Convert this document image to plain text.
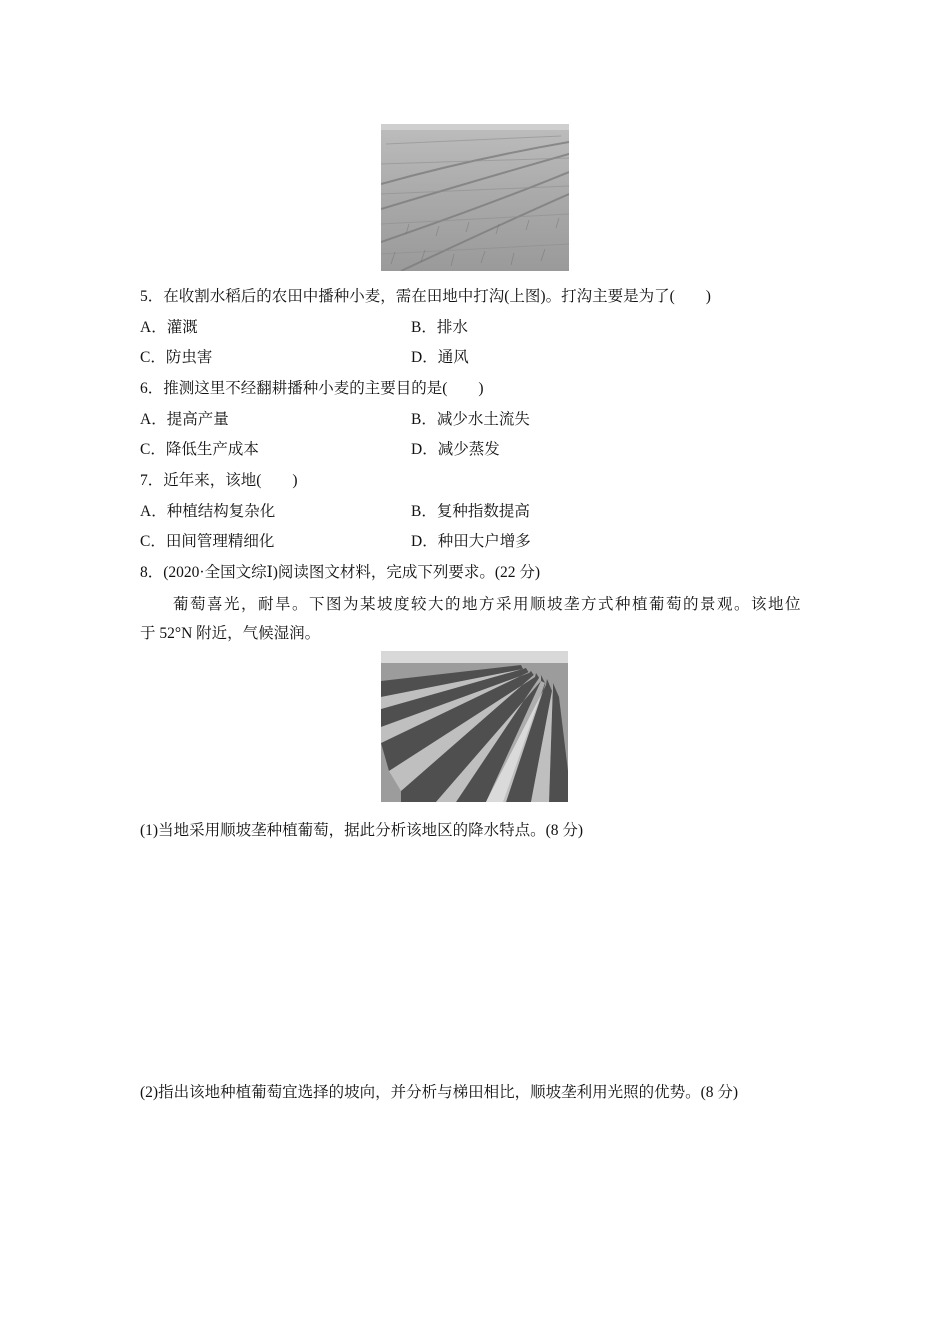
5．在收割水稻后的农田中播种小麦，需在田地中打沟(上图)。打沟主要是为了(　　)
A．灌溉	B．排水
C．防虫害	D．通风
6．推测这里不经翻耕播种小麦的主要目的是(　　)
A．提高产量	B．减少水土流失
C．降低生产成本	D．减少蒸发
7．近年来，该地(　　)
A．种植结构复杂化	B．复种指数提高
C．田间管理精细化	D．种田大户增多
8．(2020·全国文综Ⅰ)阅读图文材料，完成下列要求。(22 分)
葡萄喜光，耐旱。下图为某坡度较大的地方采用顺坡垄方式种植葡萄的景观。该地位
于 52°N 附近，气候湿润。
(1)当地采用顺坡垄种植葡萄，据此分析该地区的降水特点。(8 分)
(2)指出该地种植葡萄宜选择的坡向，并分析与梯田相比，顺坡垄利用光照的优势。(8 分)
